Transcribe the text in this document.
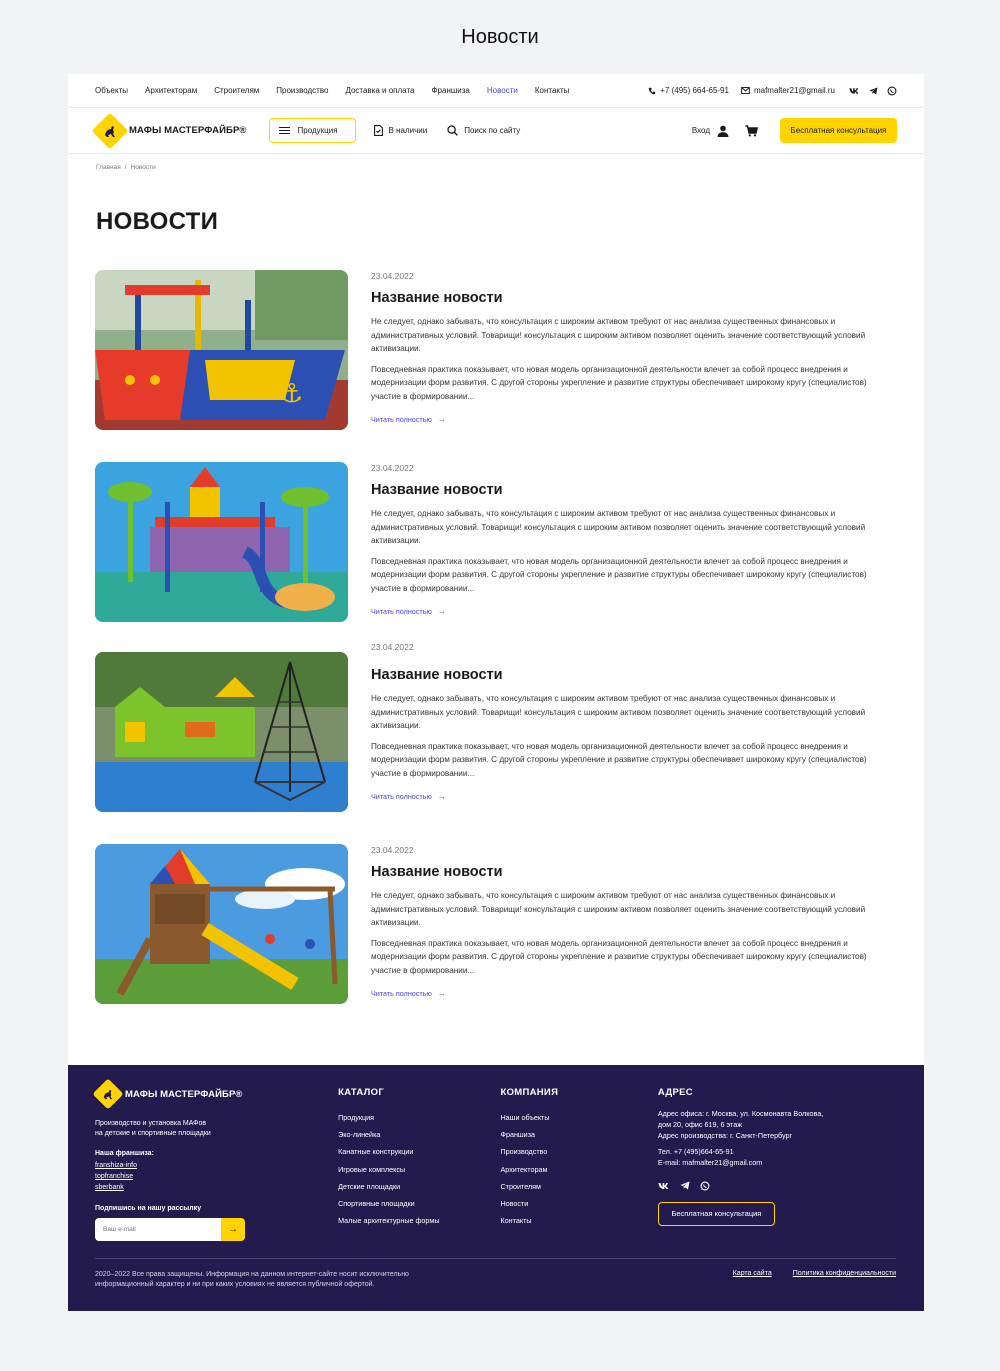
Новости
Объекты Архитекторам Строителям Производство Доставка и оплата Франшиза Новости Контакты	+7 (495) 664-65-91	mafmaſter21@gmail.ru
МАФЫ МАСТЕРФАЙБР®	Продукция	В наличии	Поиск по сайту	Вход	Бесплатная консультация
Главная / Новости
НОВОСТИ
⚓
23.04.2022
Название новости

Не следует, однако забывать, что консультация с широким активом требуют от нас анализа существенных финансовых и административных условий. Товарищи! консультация с широким активом позволяет оценить значение соответствующий условий активизации.

Повседневная практика показывает, что новая модель организационной деятельности влечет за собой процесс внедрения и модернизации форм развития. С другой стороны укрепление и развитие структуры обеспечивает широкому кругу (специалистов) участие в формировании...

Читать полностью →
23.04.2022
Название новости

Не следует, однако забывать, что консультация с широким активом требуют от нас анализа существенных финансовых и административных условий. Товарищи! консультация с широким активом позволяет оценить значение соответствующий условий активизации.

Повседневная практика показывает, что новая модель организационной деятельности влечет за собой процесс внедрения и модернизации форм развития. С другой стороны укрепление и развитие структуры обеспечивает широкому кругу (специалистов) участие в формировании...

Читать полностью →
23.04.2022
Название новости

Не следует, однако забывать, что консультация с широким активом требуют от нас анализа существенных финансовых и административных условий. Товарищи! консультация с широким активом позволяет оценить значение соответствующий условий активизации.

Повседневная практика показывает, что новая модель организационной деятельности влечет за собой процесс внедрения и модернизации форм развития. С другой стороны укрепление и развитие структуры обеспечивает широкому кругу (специалистов) участие в формировании...

Читать полностью →
23.04.2022
Название новости

Не следует, однако забывать, что консультация с широким активом требуют от нас анализа существенных финансовых и административных условий. Товарищи! консультация с широким активом позволяет оценить значение соответствующий условий активизации.

Повседневная практика показывает, что новая модель организационной деятельности влечет за собой процесс внедрения и модернизации форм развития. С другой стороны укрепление и развитие структуры обеспечивает широкому кругу (специалистов) участие в формировании...

Читать полностью →
МАФЫ МАСТЕРФАЙБР®
Производство и установка МАФов
на детские и спортивные площадки
Наша франшиза:
franshiza-info
topfranchise
sberbank
Подпишись на нашу рассылку
Ваш e-mail
→
КАТАЛОГ
Продукция
Эко-линейка
Канатные конструкции
Игровые комплексы
Детские площадки
Спортивные площадки
Малые архитектурные формы
КОМПАНИЯ
Наши объекты
Франшиза
Производство
Архитекторам
Строителям
Новости
Контакты
АДРЕС

Адрес офиса: г. Москва, ул. Космонавта Волкова,

дом 20, офис 619, 6 этаж

Адрес производства: г. Санкт-Петербург

Тел. +7 (495)664-65-91

E-mail: mafmaſter21@gmail.com

Бесплатная консультация
2020–2022 Все права защищены. Информация на данном интернет-сайте носит исключительно
информационный характер и ни при каких условиях не является публичной офертой.
Карта сайта	Политика конфиденциальности
